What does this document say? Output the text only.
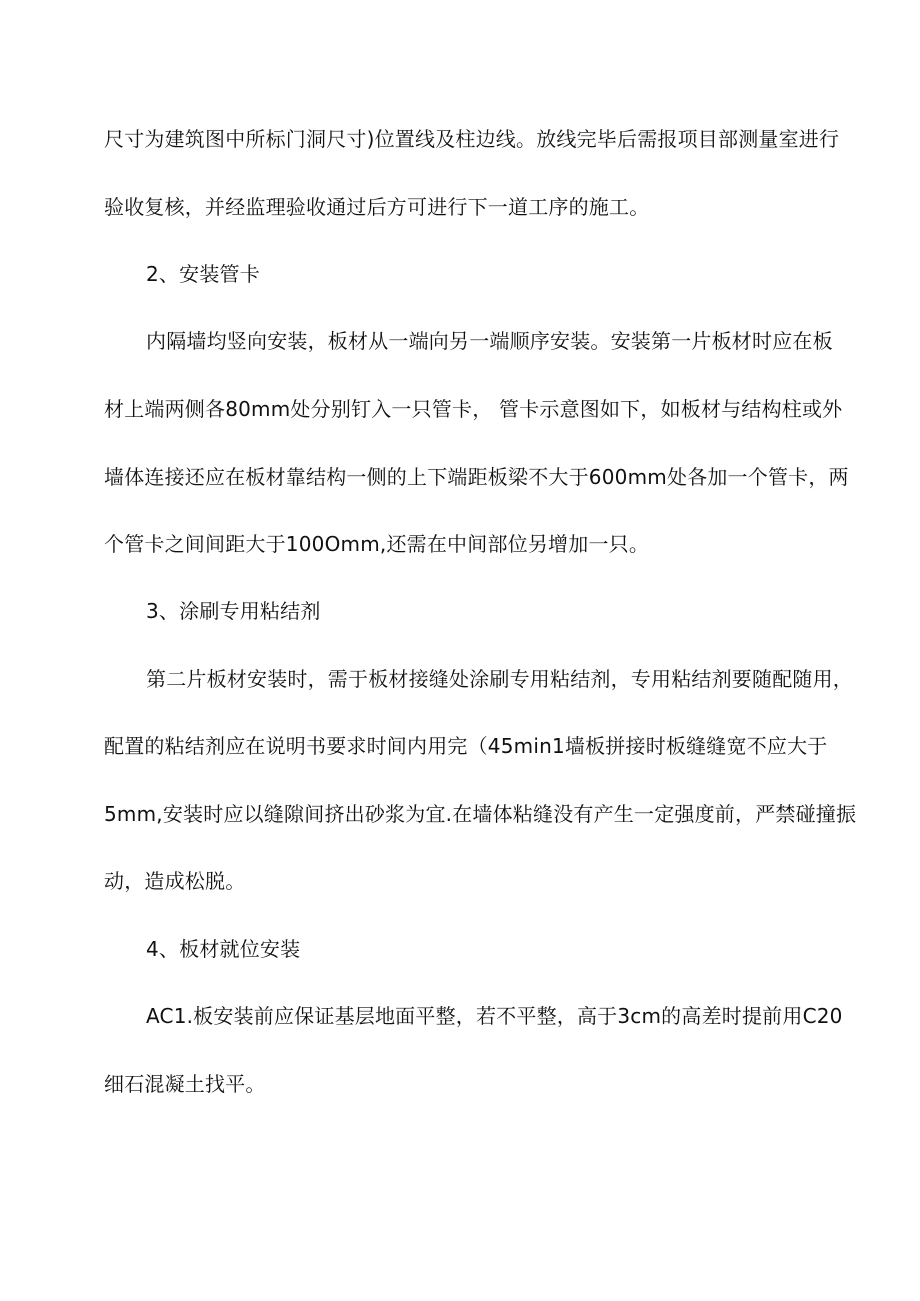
尺寸为建筑图中所标门洞尺寸)位置线及柱边线。放线完毕后需报项目部测量室进行
验收复核，并经监理验收通过后方可进行下一道工序的施工。
2、安装管卡
内隔墙均竖向安装，板材从一端向另一端顺序安装。安装第一片板材时应在板
材上端两侧各80mm处分别钉入一只管卡， 管卡示意图如下，如板材与结构柱或外
墙体连接还应在板材靠结构一侧的上下端距板梁不大于600mm处各加一个管卡，两
个管卡之间间距大于100Omm,还需在中间部位另增加一只。
3、涂刷专用粘结剂
第二片板材安装时，需于板材接缝处涂刷专用粘结剂，专用粘结剂要随配随用，
配置的粘结剂应在说明书要求时间内用完（45min1墙板拼接时板缝缝宽不应大于
5mm,安装时应以缝隙间挤出砂浆为宜.在墙体粘缝没有产生一定强度前，严禁碰撞振
动，造成松脱。
4、板材就位安装
AC1.板安装前应保证基层地面平整，若不平整，高于3cm的高差时提前用C20
细石混凝土找平。
